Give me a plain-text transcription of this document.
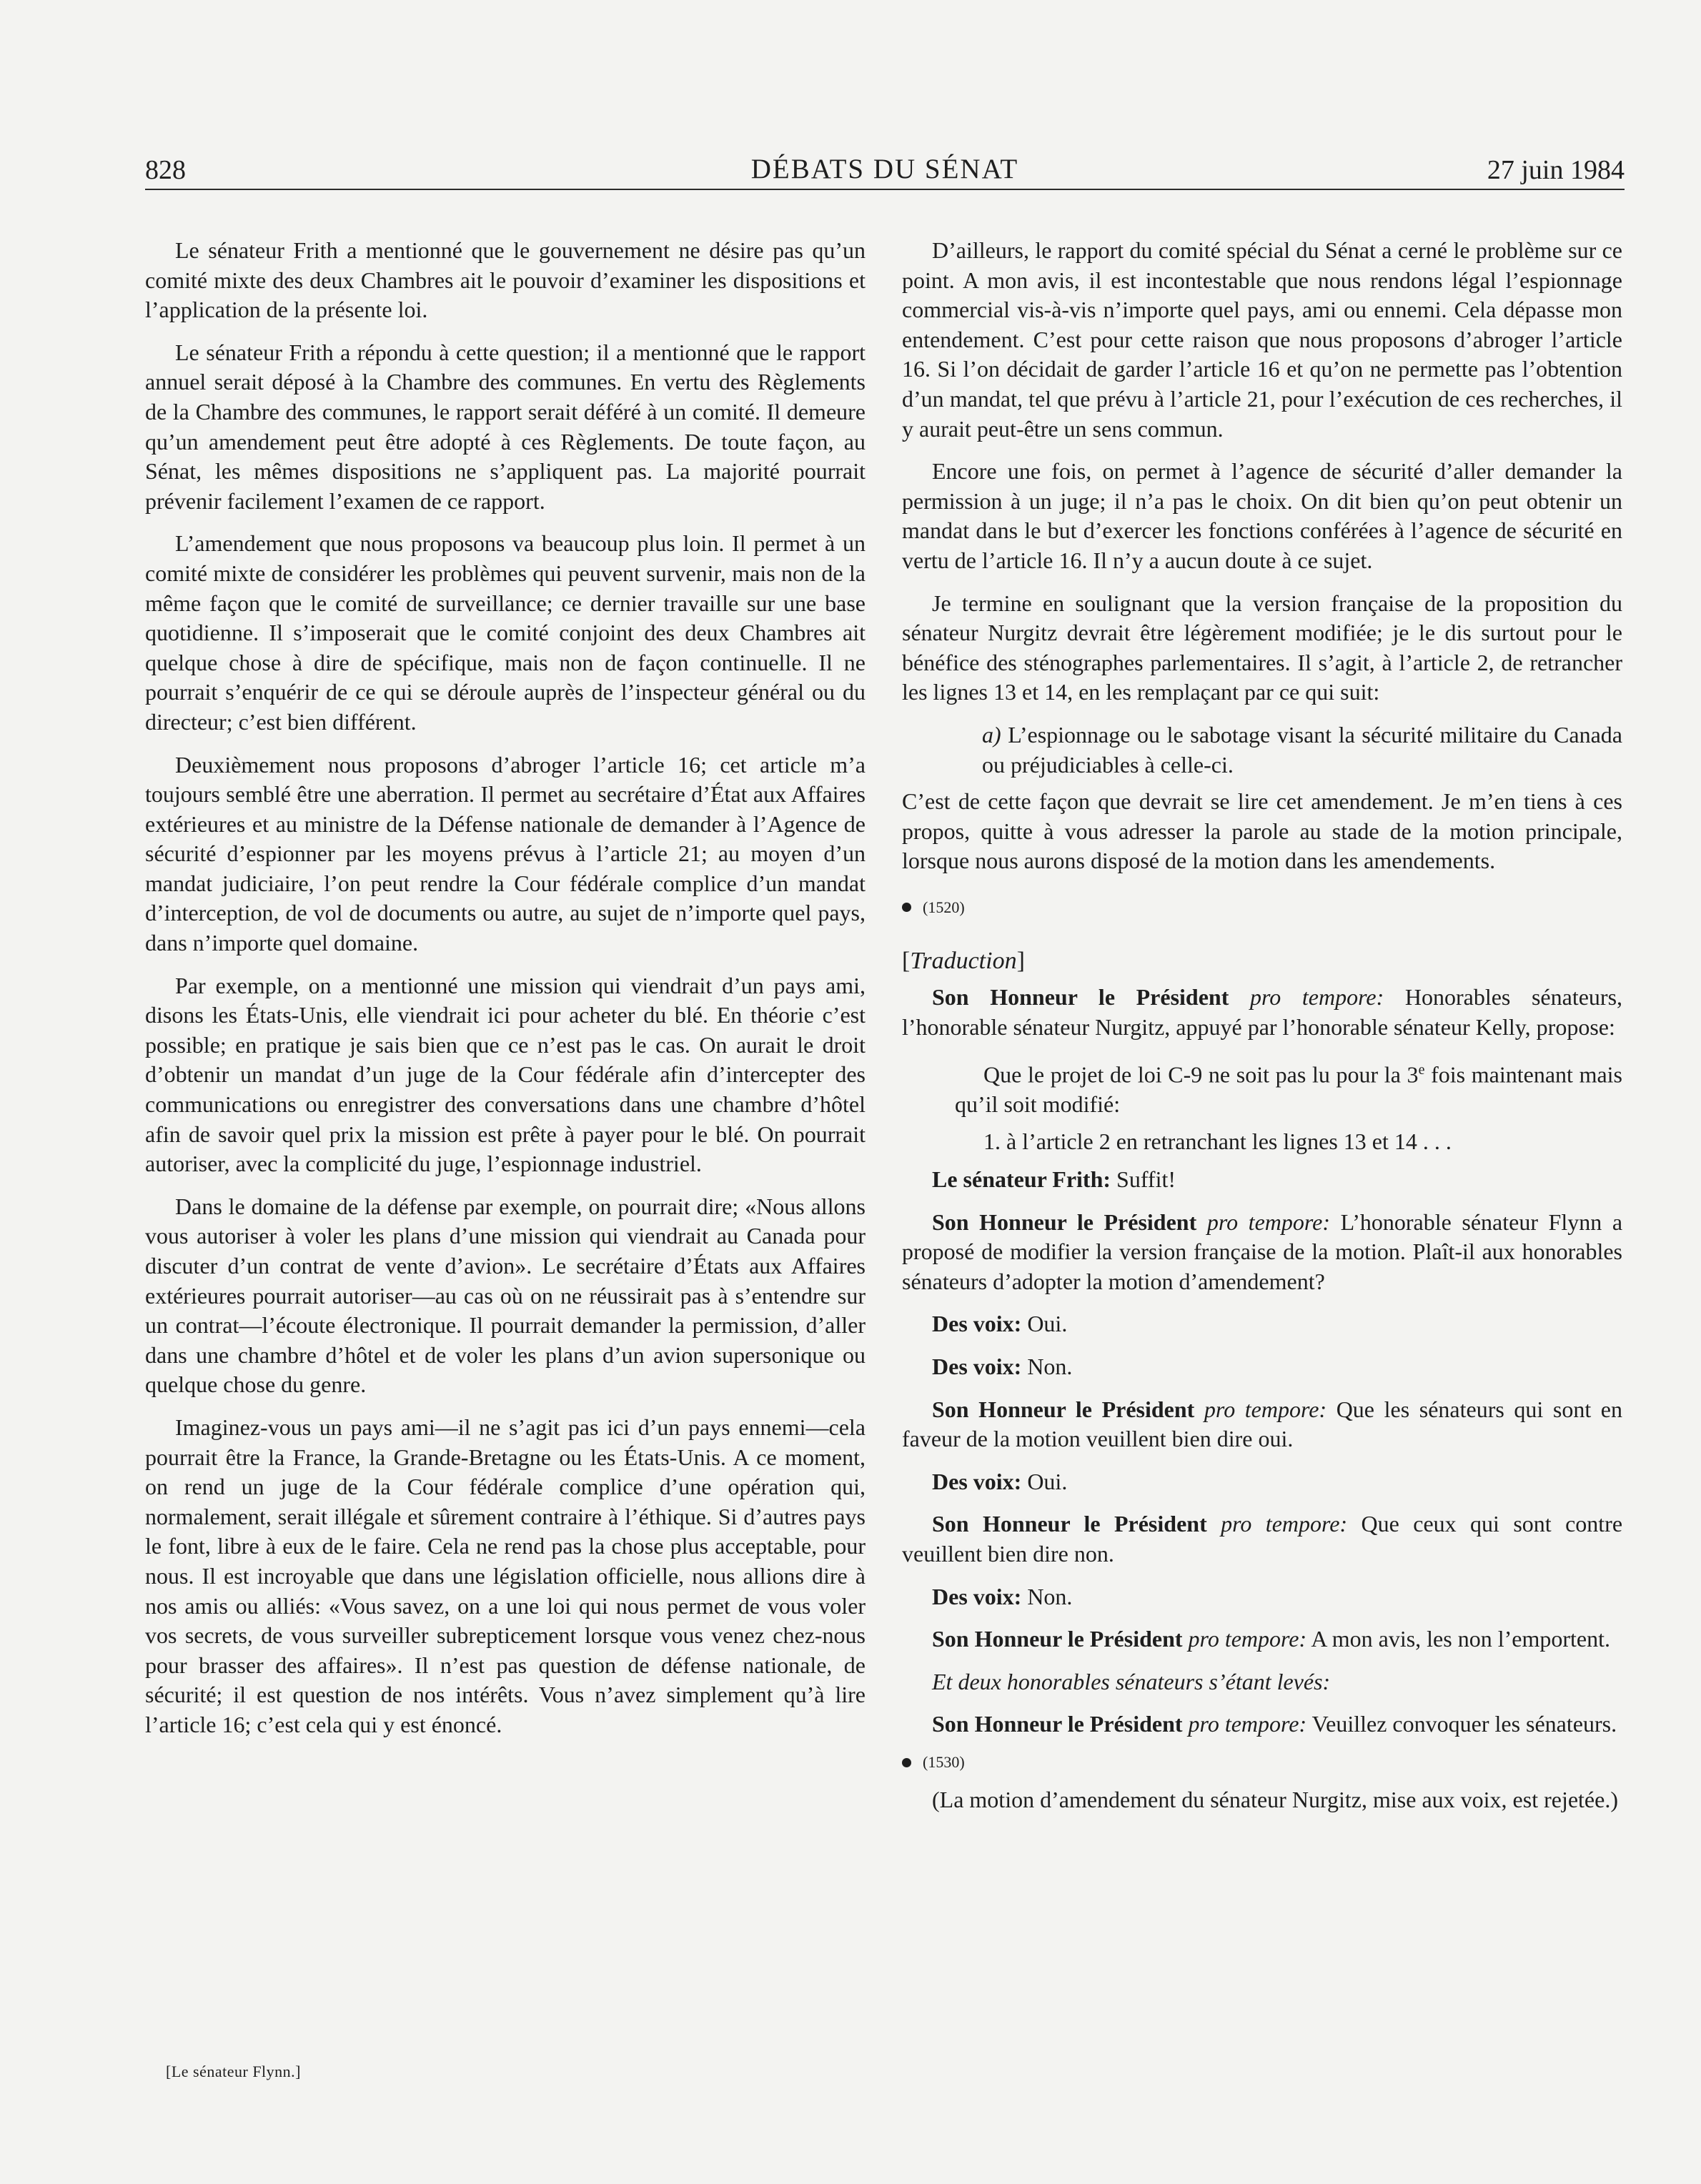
828	DÉBATS DU SÉNAT	27 juin 1984

Le sénateur Frith a mentionné que le gouvernement ne désire pas qu’un comité mixte des deux Chambres ait le pouvoir d’examiner les dispositions et l’application de la présente loi.

Le sénateur Frith a répondu à cette question; il a mentionné que le rapport annuel serait déposé à la Chambre des communes. En vertu des Règlements de la Chambre des communes, le rapport serait déféré à un comité. Il demeure qu’un amendement peut être adopté à ces Règlements. De toute façon, au Sénat, les mêmes dispositions ne s’appliquent pas. La majorité pourrait prévenir facilement l’examen de ce rapport.

L’amendement que nous proposons va beaucoup plus loin. Il permet à un comité mixte de considérer les problèmes qui peuvent survenir, mais non de la même façon que le comité de surveillance; ce dernier travaille sur une base quotidienne. Il s’imposerait que le comité conjoint des deux Chambres ait quelque chose à dire de spécifique, mais non de façon continuelle. Il ne pourrait s’enquérir de ce qui se déroule auprès de l’inspecteur général ou du directeur; c’est bien différent.

Deuxièmement nous proposons d’abroger l’article 16; cet article m’a toujours semblé être une aberration. Il permet au secrétaire d’État aux Affaires extérieures et au ministre de la Défense nationale de demander à l’Agence de sécurité d’espionner par les moyens prévus à l’article 21; au moyen d’un mandat judiciaire, l’on peut rendre la Cour fédérale complice d’un mandat d’interception, de vol de documents ou autre, au sujet de n’importe quel pays, dans n’importe quel domaine.

Par exemple, on a mentionné une mission qui viendrait d’un pays ami, disons les États-Unis, elle viendrait ici pour acheter du blé. En théorie c’est possible; en pratique je sais bien que ce n’est pas le cas. On aurait le droit d’obtenir un mandat d’un juge de la Cour fédérale afin d’intercepter des communications ou enregistrer des conversations dans une chambre d’hôtel afin de savoir quel prix la mission est prête à payer pour le blé. On pourrait autoriser, avec la complicité du juge, l’espionnage industriel.

Dans le domaine de la défense par exemple, on pourrait dire; «Nous allons vous autoriser à voler les plans d’une mission qui viendrait au Canada pour discuter d’un contrat de vente d’avion». Le secrétaire d’États aux Affaires extérieures pourrait autoriser—au cas où on ne réussirait pas à s’entendre sur un contrat—l’écoute électronique. Il pourrait demander la permission, d’aller dans une chambre d’hôtel et de voler les plans d’un avion supersonique ou quelque chose du genre.

Imaginez-vous un pays ami—il ne s’agit pas ici d’un pays ennemi—cela pourrait être la France, la Grande-Bretagne ou les États-Unis. A ce moment, on rend un juge de la Cour fédérale complice d’une opération qui, normalement, serait illégale et sûrement contraire à l’éthique. Si d’autres pays le font, libre à eux de le faire. Cela ne rend pas la chose plus acceptable, pour nous. Il est incroyable que dans une législation officielle, nous allions dire à nos amis ou alliés: «Vous savez, on a une loi qui nous permet de vous voler vos secrets, de vous surveiller subrepticement lorsque vous venez chez-nous pour brasser des affaires». Il n’est pas question de défense nationale, de sécurité; il est question de nos intérêts. Vous n’avez simplement qu’à lire l’article 16; c’est cela qui y est énoncé.

[Le sénateur Flynn.]

D’ailleurs, le rapport du comité spécial du Sénat a cerné le problème sur ce point. A mon avis, il est incontestable que nous rendons légal l’espionnage commercial vis-à-vis n’importe quel pays, ami ou ennemi. Cela dépasse mon entendement. C’est pour cette raison que nous proposons d’abroger l’article 16. Si l’on décidait de garder l’article 16 et qu’on ne permette pas l’obtention d’un mandat, tel que prévu à l’article 21, pour l’exécution de ces recherches, il y aurait peut-être un sens commun.

Encore une fois, on permet à l’agence de sécurité d’aller demander la permission à un juge; il n’a pas le choix. On dit bien qu’on peut obtenir un mandat dans le but d’exercer les fonctions conférées à l’agence de sécurité en vertu de l’article 16. Il n’y a aucun doute à ce sujet.

Je termine en soulignant que la version française de la proposition du sénateur Nurgitz devrait être légèrement modifiée; je le dis surtout pour le bénéfice des sténographes parlementaires. Il s’agit, à l’article 2, de retrancher les lignes 13 et 14, en les remplaçant par ce qui suit:

a) L’espionnage ou le sabotage visant la sécurité militaire du Canada ou préjudiciables à celle-ci.

C’est de cette façon que devrait se lire cet amendement. Je m’en tiens à ces propos, quitte à vous adresser la parole au stade de la motion principale, lorsque nous aurons disposé de la motion dans les amendements.

(1520)

[Traduction]

Son Honneur le Président pro tempore: Honorables sénateurs, l’honorable sénateur Nurgitz, appuyé par l’honorable sénateur Kelly, propose:

Que le projet de loi C-9 ne soit pas lu pour la 3e fois maintenant mais qu’il soit modifié:

1. à l’article 2 en retranchant les lignes 13 et 14 . . .

Le sénateur Frith: Suffit!

Son Honneur le Président pro tempore: L’honorable sénateur Flynn a proposé de modifier la version française de la motion. Plaît-il aux honorables sénateurs d’adopter la motion d’amendement?

Des voix: Oui.

Des voix: Non.

Son Honneur le Président pro tempore: Que les sénateurs qui sont en faveur de la motion veuillent bien dire oui.

Des voix: Oui.

Son Honneur le Président pro tempore: Que ceux qui sont contre veuillent bien dire non.

Des voix: Non.

Son Honneur le Président pro tempore: A mon avis, les non l’emportent.

Et deux honorables sénateurs s’étant levés:

Son Honneur le Président pro tempore: Veuillez convoquer les sénateurs.

(1530)

(La motion d’amendement du sénateur Nurgitz, mise aux voix, est rejetée.)
